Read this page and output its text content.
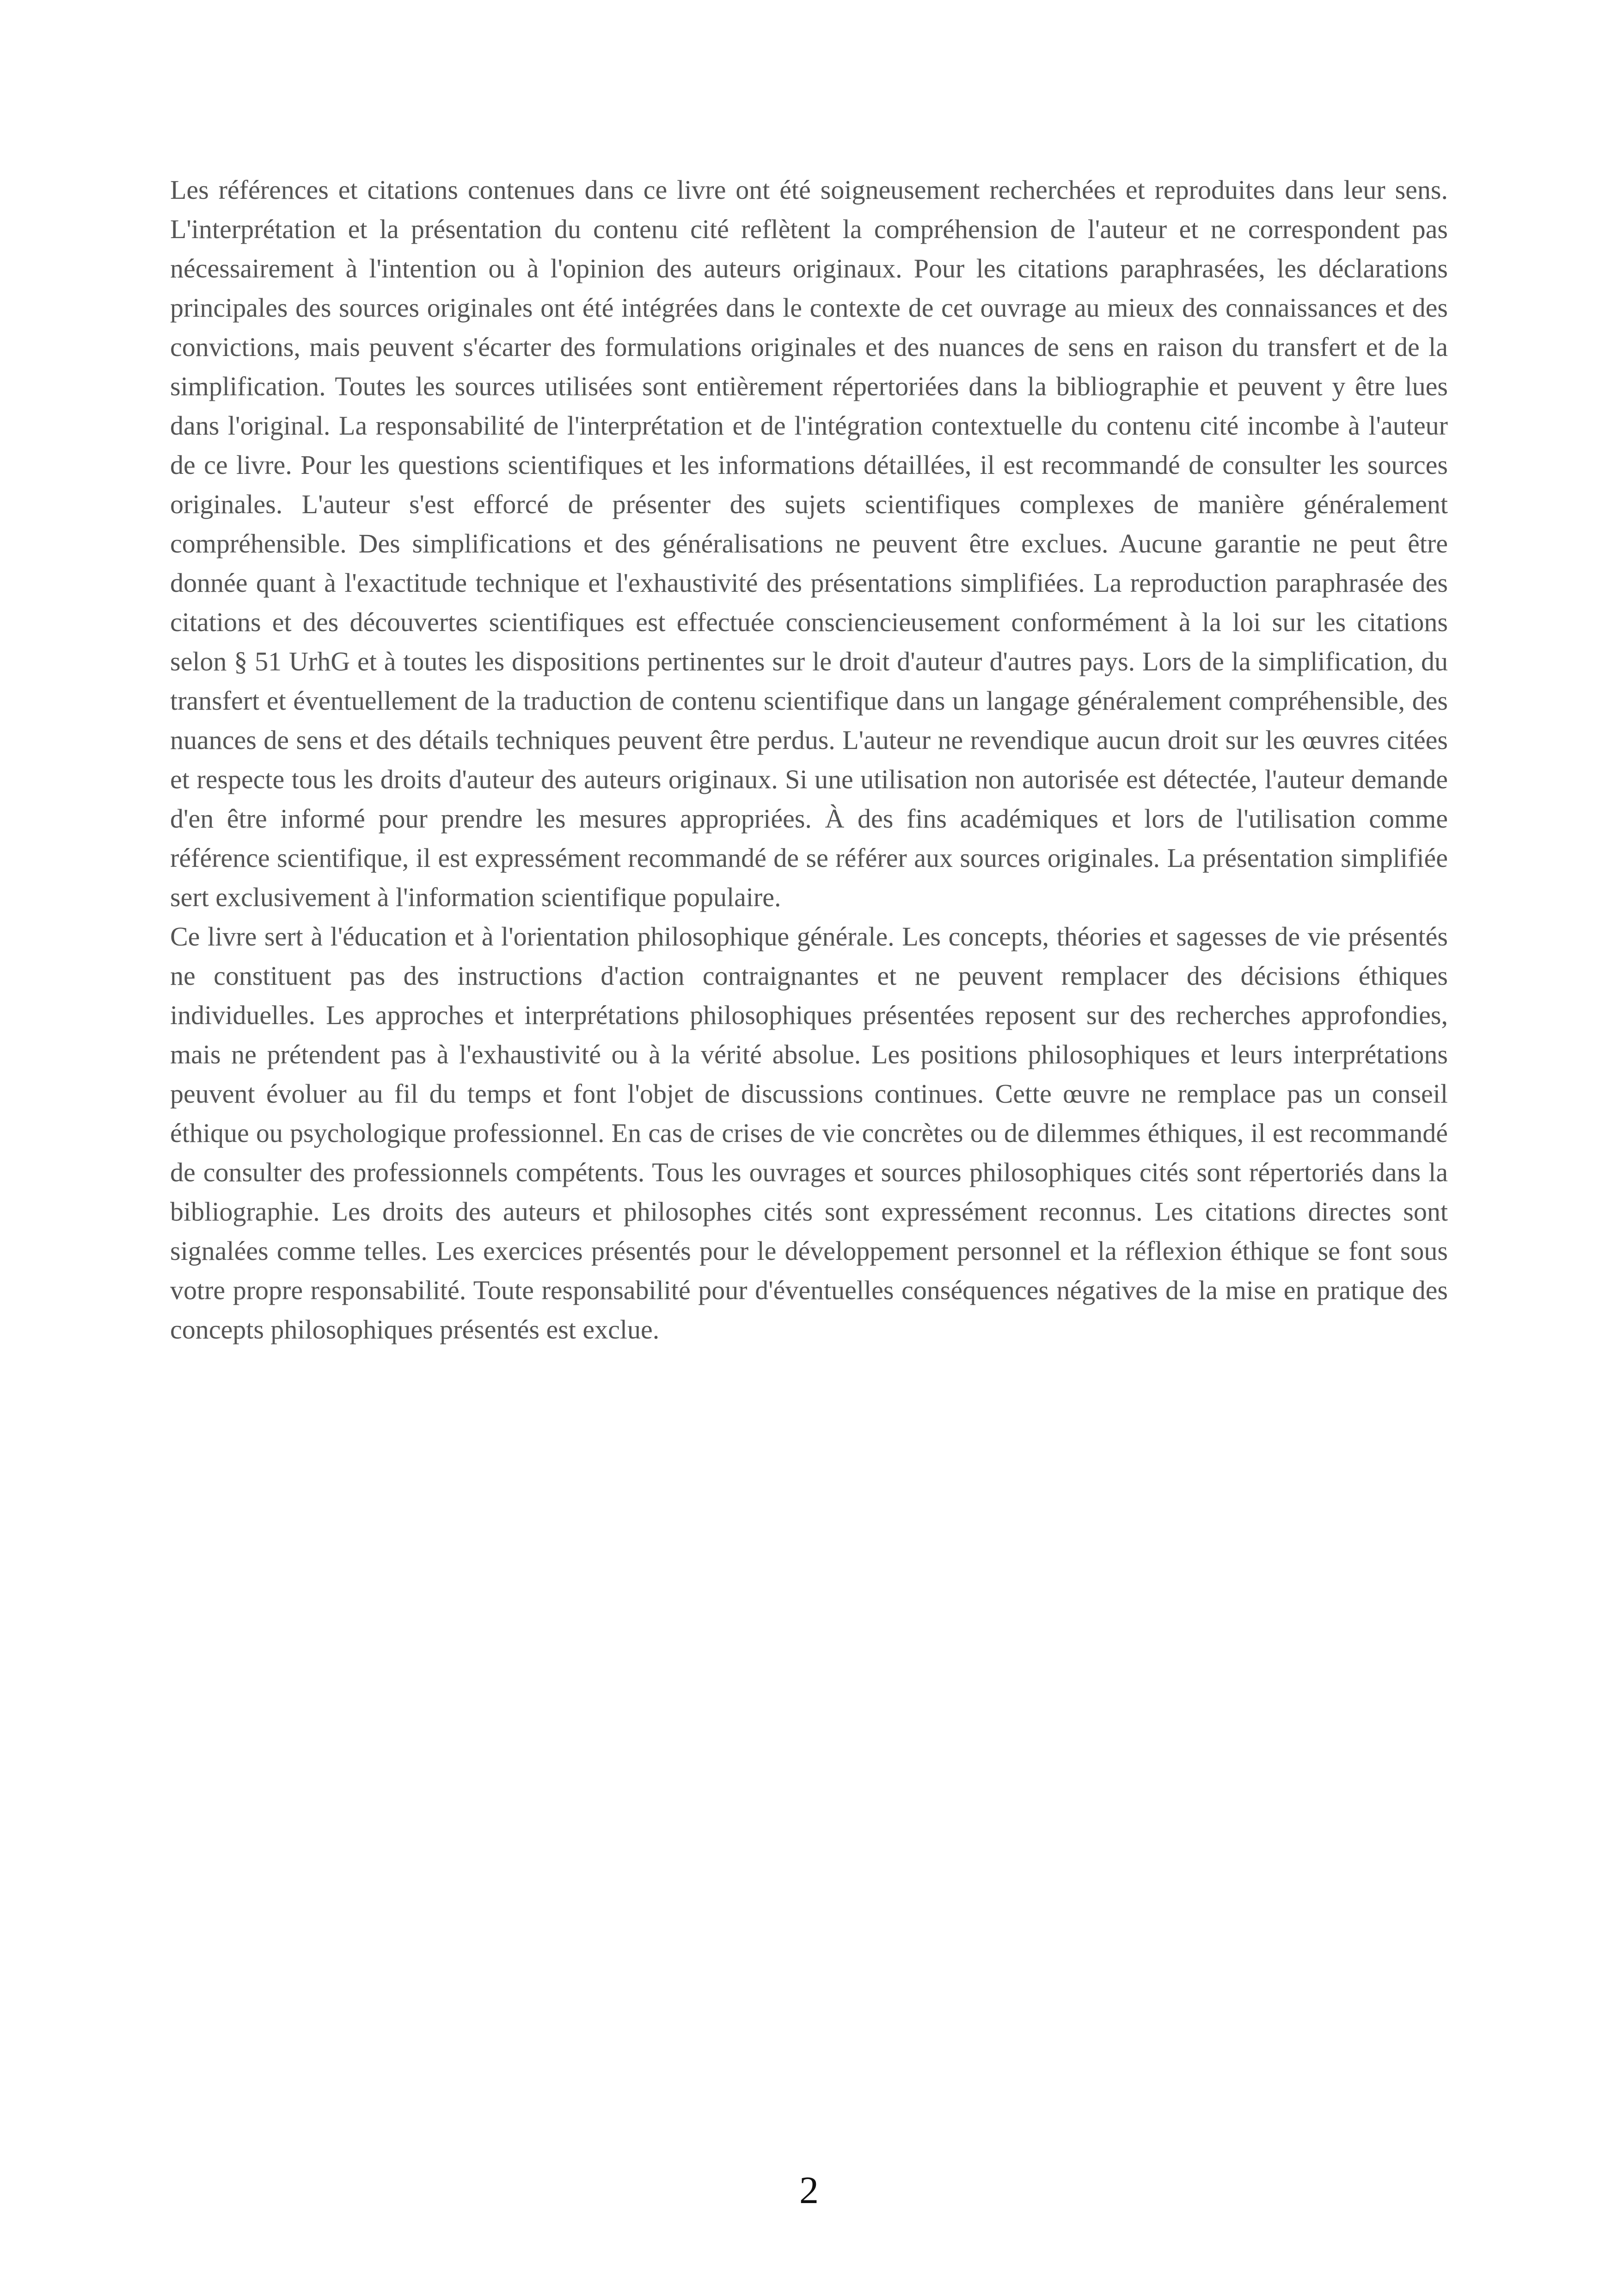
Les références et citations contenues dans ce livre ont été soigneusement recherchées et reproduites dans leur sens. L'interprétation et la présentation du contenu cité reflètent la compréhension de l'auteur et ne correspondent pas nécessairement à l'intention ou à l'opinion des auteurs originaux. Pour les citations paraphrasées, les déclarations principales des sources originales ont été intégrées dans le contexte de cet ouvrage au mieux des connaissances et des convictions, mais peuvent s'écarter des formulations originales et des nuances de sens en raison du transfert et de la simplification. Toutes les sources utilisées sont entièrement répertoriées dans la bibliographie et peuvent y être lues dans l'original. La responsabilité de l'interprétation et de l'intégration contextuelle du contenu cité incombe à l'auteur de ce livre. Pour les questions scientifiques et les informations détaillées, il est recommandé de consulter les sources originales. L'auteur s'est efforcé de présenter des sujets scientifiques complexes de manière généralement compréhensible. Des simplifications et des généralisations ne peuvent être exclues. Aucune garantie ne peut être donnée quant à l'exactitude technique et l'exhaustivité des présentations simplifiées. La reproduction paraphrasée des citations et des découvertes scientifiques est effectuée consciencieusement conformément à la loi sur les citations selon § 51 UrhG et à toutes les dispositions pertinentes sur le droit d'auteur d'autres pays. Lors de la simplification, du transfert et éventuellement de la traduction de contenu scientifique dans un langage généralement compréhensible, des nuances de sens et des détails techniques peuvent être perdus. L'auteur ne revendique aucun droit sur les œuvres citées et respecte tous les droits d'auteur des auteurs originaux. Si une utilisation non autorisée est détectée, l'auteur demande d'en être informé pour prendre les mesures appropriées. À des fins académiques et lors de l'utilisation comme référence scientifique, il est expressément recommandé de se référer aux sources originales. La présentation simplifiée sert exclusivement à l'information scientifique populaire.

Ce livre sert à l'éducation et à l'orientation philosophique générale. Les concepts, théories et sagesses de vie présentés ne constituent pas des instructions d'action contraignantes et ne peuvent remplacer des décisions éthiques individuelles. Les approches et interprétations philosophiques présentées reposent sur des recherches approfondies, mais ne prétendent pas à l'exhaustivité ou à la vérité absolue. Les positions philosophiques et leurs interprétations peuvent évoluer au fil du temps et font l'objet de discussions continues. Cette œuvre ne remplace pas un conseil éthique ou psychologique professionnel. En cas de crises de vie concrètes ou de dilemmes éthiques, il est recommandé de consulter des professionnels compétents. Tous les ouvrages et sources philosophiques cités sont répertoriés dans la bibliographie. Les droits des auteurs et philosophes cités sont expressément reconnus. Les citations directes sont signalées comme telles. Les exercices présentés pour le développement personnel et la réflexion éthique se font sous votre propre responsabilité. Toute responsabilité pour d'éventuelles conséquences négatives de la mise en pratique des concepts philosophiques présentés est exclue.

2
